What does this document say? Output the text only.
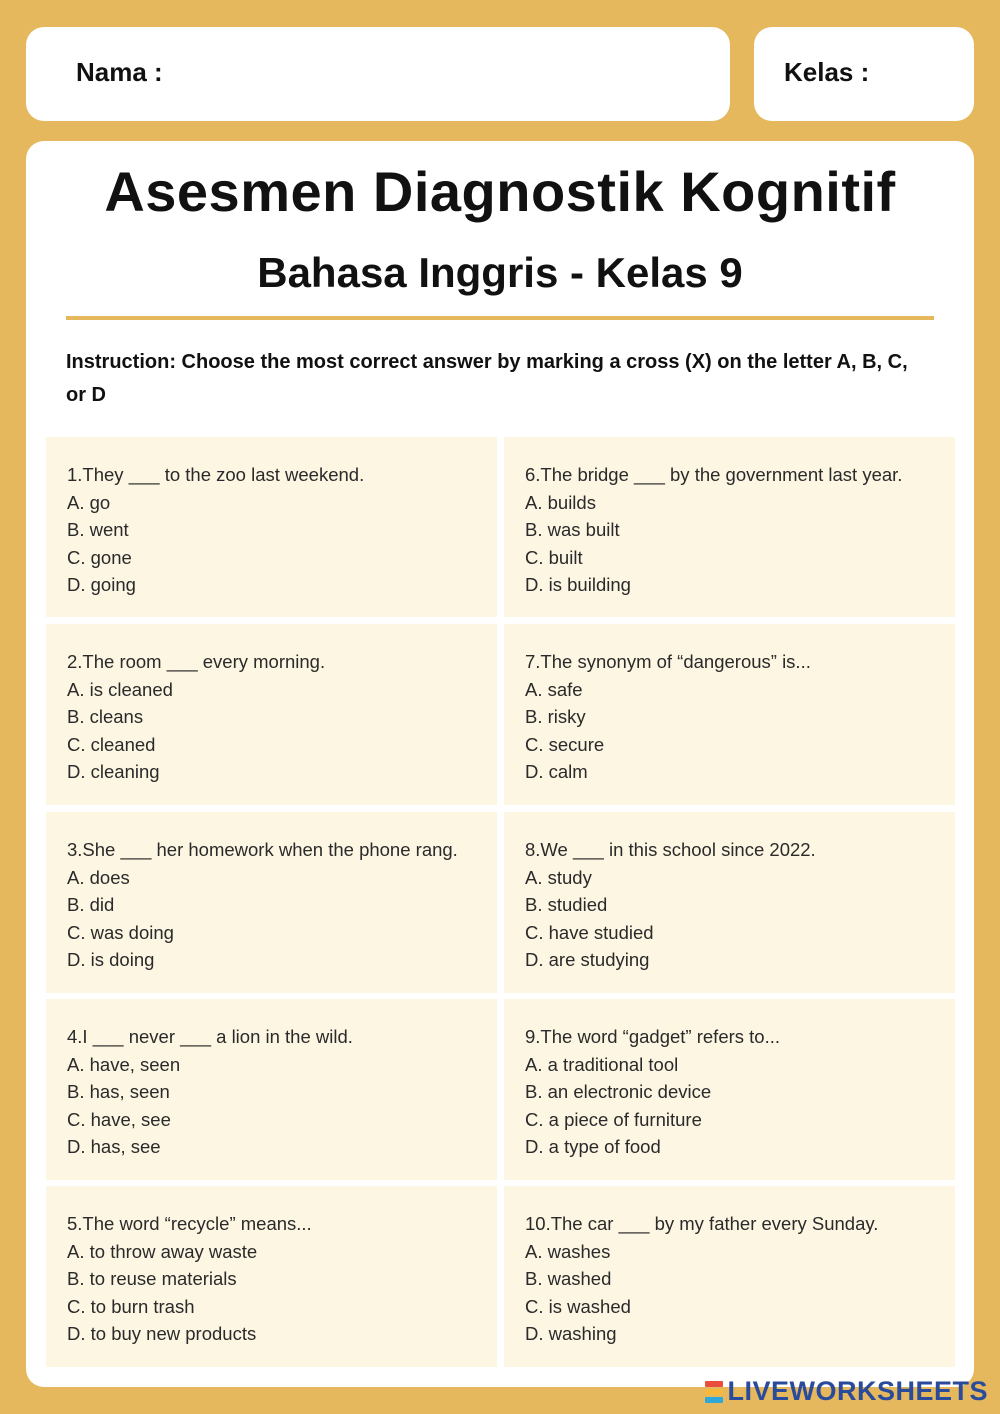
Nama :	Kelas :
Asesmen Diagnostik Kognitif
Bahasa Inggris - Kelas 9
Instruction: Choose the most correct answer by marking a cross (X) on the letter A, B, C, or D
1.They ___ to the zoo last weekend.
A. go
B. went
C. gone
D. going
2.The room ___ every morning.
A. is cleaned
B. cleans
C. cleaned
D. cleaning
3.She ___ her homework when the phone rang.
A. does
B. did
C. was doing
D. is doing
4.I ___ never ___ a lion in the wild.
A. have, seen
B. has, seen
C. have, see
D. has, see
5.The word “recycle” means...
A. to throw away waste
B. to reuse materials
C. to burn trash
D. to buy new products
6.The bridge ___ by the government last year.
A. builds
B. was built
C. built
D. is building
7.The synonym of “dangerous” is...
A. safe
B. risky
C. secure
D. calm
8.We ___ in this school since 2022.
A. study
B. studied
C. have studied
D. are studying
9.The word “gadget” refers to...
A. a traditional tool
B. an electronic device
C. a piece of furniture
D. a type of food
10.The car ___ by my father every Sunday.
A. washes
B. washed
C. is washed
D. washing
LIVEWORKSHEETS
